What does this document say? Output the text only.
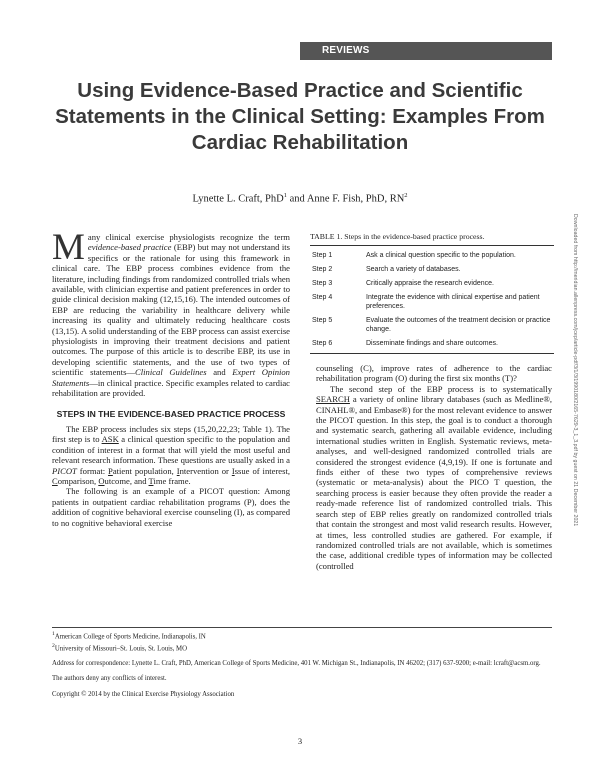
REVIEWS
Using Evidence-Based Practice and Scientific Statements in the Clinical Setting: Examples From Cardiac Rehabilitation
Lynette L. Craft, PhD$^1$ and Anne F. Fish, PhD, $RN^2$
Downloaded from http://meridian.allenpress.com/jcep/article-pdf/3/1/3/1990180/2165-7629-3_1_3.pdf by guest on 21 December 2021

Many clinical exercise physiologists recognize the term evidence-based practice (EBP) but may not understand its specifics or the rationale for using this framework in clinical care. The EBP process combines evidence from the literature, including findings from randomized controlled trials when available, with clinician expertise and patient preferences in order to guide clinical decision making (12,15,16). The intended outcomes of EBP are reducing the variability in healthcare delivery while increasing its quality and ultimately reducing healthcare costs (13,15). A solid understanding of the EBP process can assist exercise physiologists in improving their treatment decisions and patient outcomes. The purpose of this article is to describe EBP, its use in developing scientific statements, and the use of two types of scientific statements—Clinical Guidelines and Expert Opinion Statements—in clinical practice. Specific examples related to cardiac rehabilitation are provided.

STEPS IN THE EVIDENCE-BASED PRACTICE PROCESS

The EBP process includes six steps (15,20,22,23; Table 1). The first step is to ASK a clinical question specific to the population and condition of interest in a format that will yield the most useful and relevant research information. These questions are usually asked in a PICOT format: Patient population, Intervention or Issue of interest, Comparison, Outcome, and Time frame.

The following is an example of a PICOT question: Among patients in outpatient cardiac rehabilitation programs (P), does the addition of cognitive behavioral exercise counseling (I), as compared to no cognitive behavioral exercise

TABLE 1. Steps in the evidence-based practice process.
Step 1	Ask a clinical question specific to the population.
Step 2	Search a variety of databases.
Step 3	Critically appraise the research evidence.
Step 4	Integrate the evidence with clinical expertise and patient preferences.
Step 5	Evaluate the outcomes of the treatment decision or practice change.
Step 6	Disseminate findings and share outcomes.

counseling (C), improve rates of adherence to the cardiac rehabilitation program (O) during the first six months (T)?

The second step of the EBP process is to systematically SEARCH a variety of online library databases (such as Medline®, CINAHL®, and Embase®) for the most relevant evidence to answer the PICOT question. In this step, the goal is to conduct a thorough and systematic search, gathering all available evidence, including international studies written in English. Systematic reviews, meta-analyses, and well-designed randomized controlled trials are considered the strongest evidence (4,9,19). If one is fortunate and finds either of these two types of comprehensive reviews (systematic or meta-analysis) about the PICO T question, the searching process is easier because they often provide the reader a ready-made reference list of randomized controlled trials. This search step of EBP relies greatly on randomized controlled trials that contain the strongest and most valid research results. However, at times, less controlled studies are gathered. For example, if randomized controlled trials are not available, which is sometimes the case, additional credible types of information may be collected (controlled

$^1$American College of Sports Medicine, Indianapolis, IN

$^2$University of Missouri–St. Louis, St. Louis, MO

Address for correspondence: Lynette L. Craft, PhD, American College of Sports Medicine, 401 W. Michigan St., Indianapolis, IN 46202; (317) 637-9200; e-mail: lcraft@acsm.org.

The authors deny any conflicts of interest.

Copyright © 2014 by the Clinical Exercise Physiology Association

3
